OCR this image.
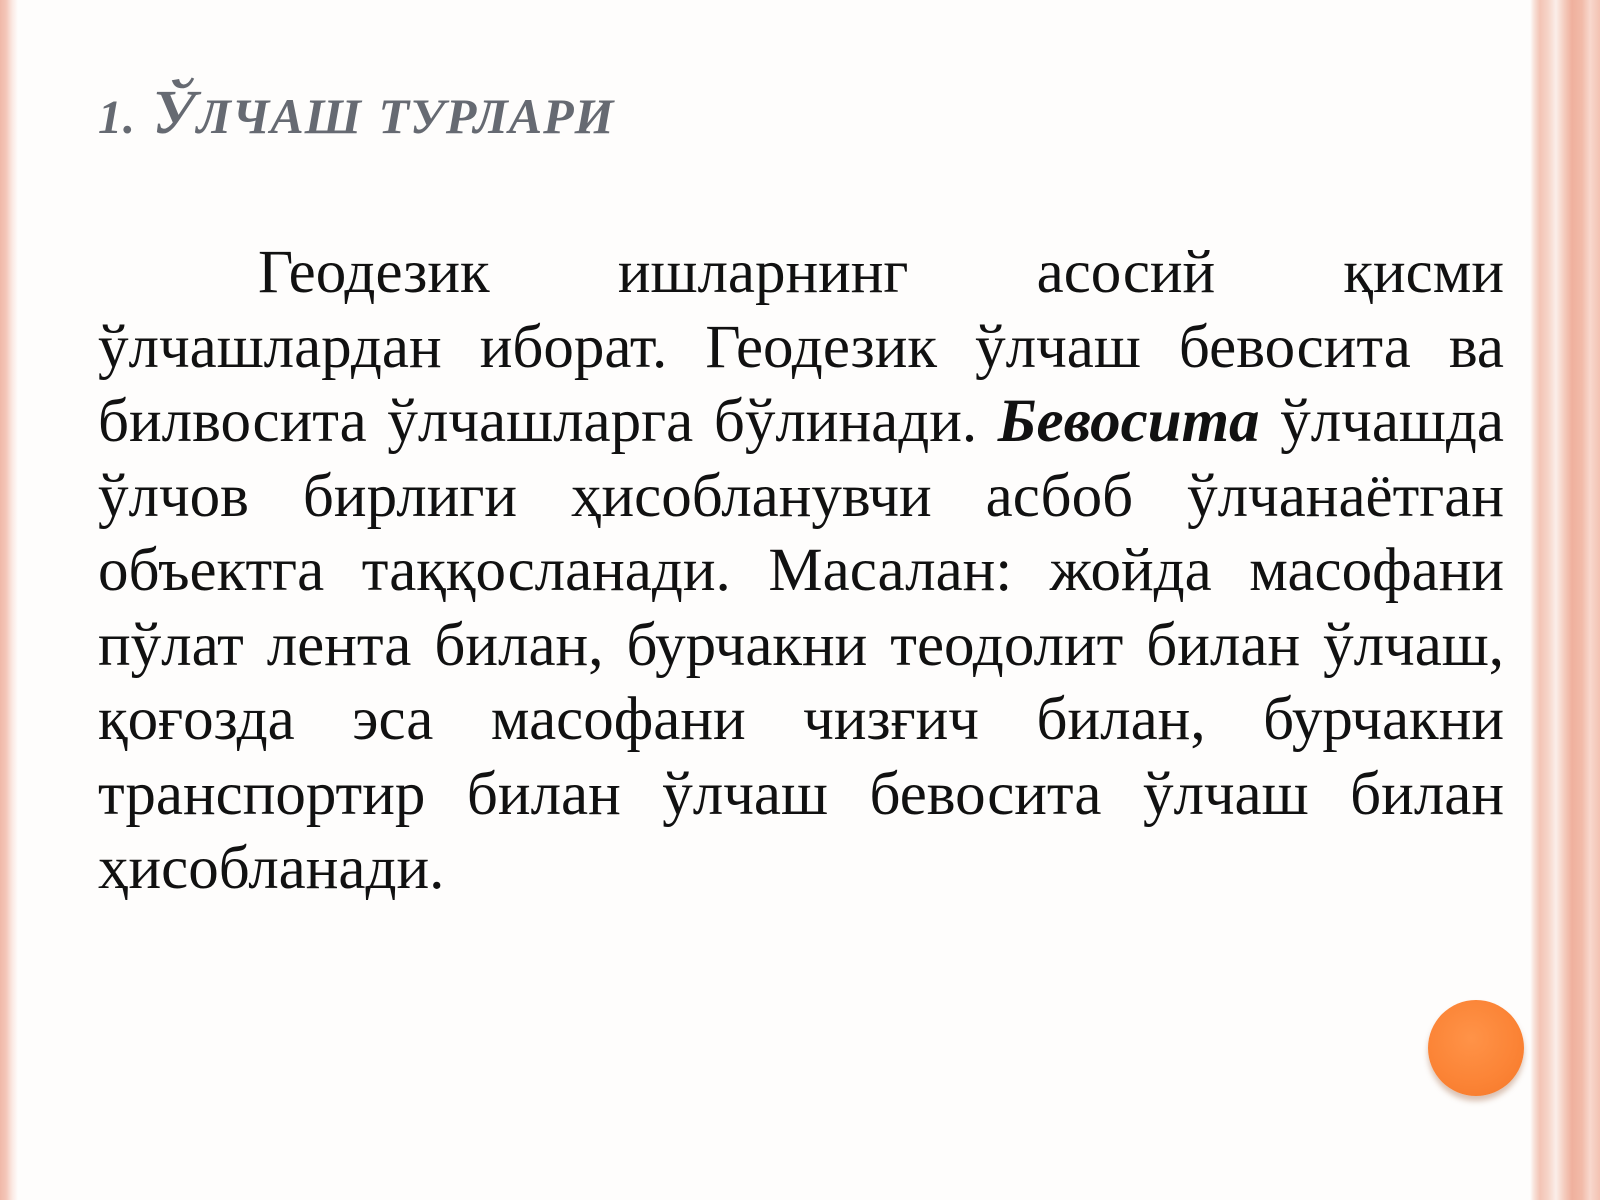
1. ЎЛЧАШ ТУРЛАРИ

Геодезик ишларнинг асосий қисми ўлчашлардан иборат. Геодезик ўлчаш бевосита ва билвосита ўлчашларга бўлинади. Бевосита ўлчашда ўлчов бирлиги ҳисобланувчи асбоб ўлчанаётган объектга таққосланади. Масалан: жойда масофани пўлат лента билан, бурчакни теодолит билан ўлчаш, қоғозда эса масофани чизғич билан, бурчакни транспортир билан ўлчаш бевосита ўлчаш билан ҳисобланади.
